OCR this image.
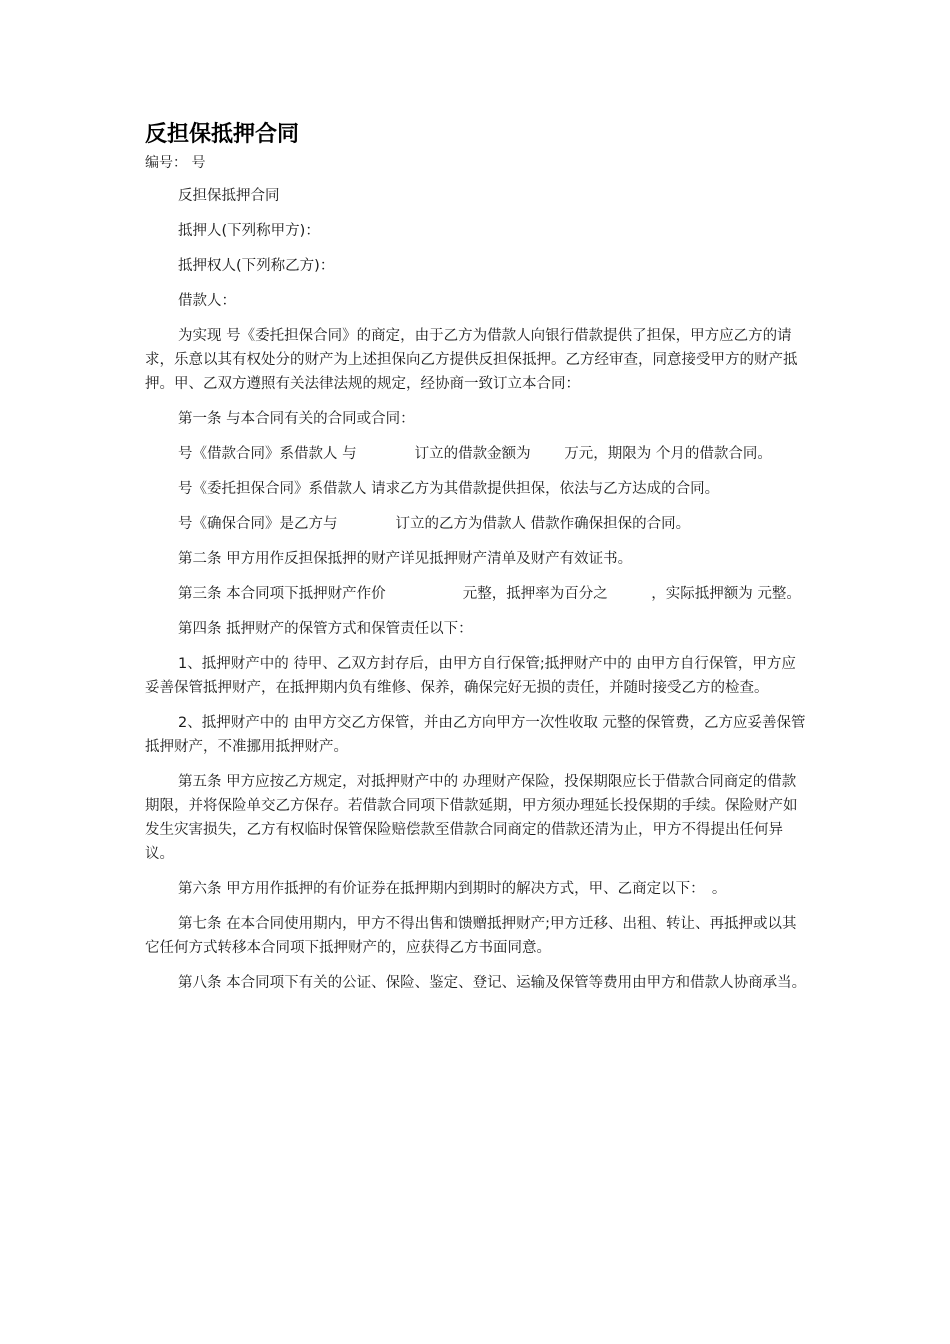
反担保抵押合同
编号： 号

反担保抵押合同

抵押人(下列称甲方)：

抵押权人(下列称乙方)：

借款人：

为实现 号《委托担保合同》的商定，由于乙方为借款人向银行借款提供了担保，甲方应乙方的请求，乐意以其有权处分的财产为上述担保向乙方提供反担保抵押。乙方经审查，同意接受甲方的财产抵押。甲、乙双方遵照有关法律法规的规定，经协商一致订立本合同：

第一条 与本合同有关的合同或合同：

号《借款合同》系借款人 与　　　　订立的借款金额为　　 万元，期限为 个月的借款合同。

号《委托担保合同》系借款人 请求乙方为其借款提供担保，依法与乙方达成的合同。

号《确保合同》是乙方与　　　　订立的乙方为借款人 借款作确保担保的合同。

第二条 甲方用作反担保抵押的财产详见抵押财产清单及财产有效证书。

第三条 本合同项下抵押财产作价　　　　　 元整，抵押率为百分之　　　，实际抵押额为 元整。

第四条 抵押财产的保管方式和保管责任以下：

1、抵押财产中的 待甲、乙双方封存后，由甲方自行保管;抵押财产中的 由甲方自行保管，甲方应妥善保管抵押财产，在抵押期内负有维修、保养，确保完好无损的责任，并随时接受乙方的检查。

2、抵押财产中的 由甲方交乙方保管，并由乙方向甲方一次性收取 元整的保管费，乙方应妥善保管抵押财产，不准挪用抵押财产。

第五条 甲方应按乙方规定，对抵押财产中的 办理财产保险，投保期限应长于借款合同商定的借款期限，并将保险单交乙方保存。若借款合同项下借款延期，甲方须办理延长投保期的手续。保险财产如发生灾害损失，乙方有权临时保管保险赔偿款至借款合同商定的借款还清为止，甲方不得提出任何异议。

第六条 甲方用作抵押的有价证券在抵押期内到期时的解决方式，甲、乙商定以下：　。

第七条 在本合同使用期内，甲方不得出售和馈赠抵押财产;甲方迁移、出租、转让、再抵押或以其它任何方式转移本合同项下抵押财产的，应获得乙方书面同意。

第八条 本合同项下有关的公证、保险、鉴定、登记、运输及保管等费用由甲方和借款人协商承当。
